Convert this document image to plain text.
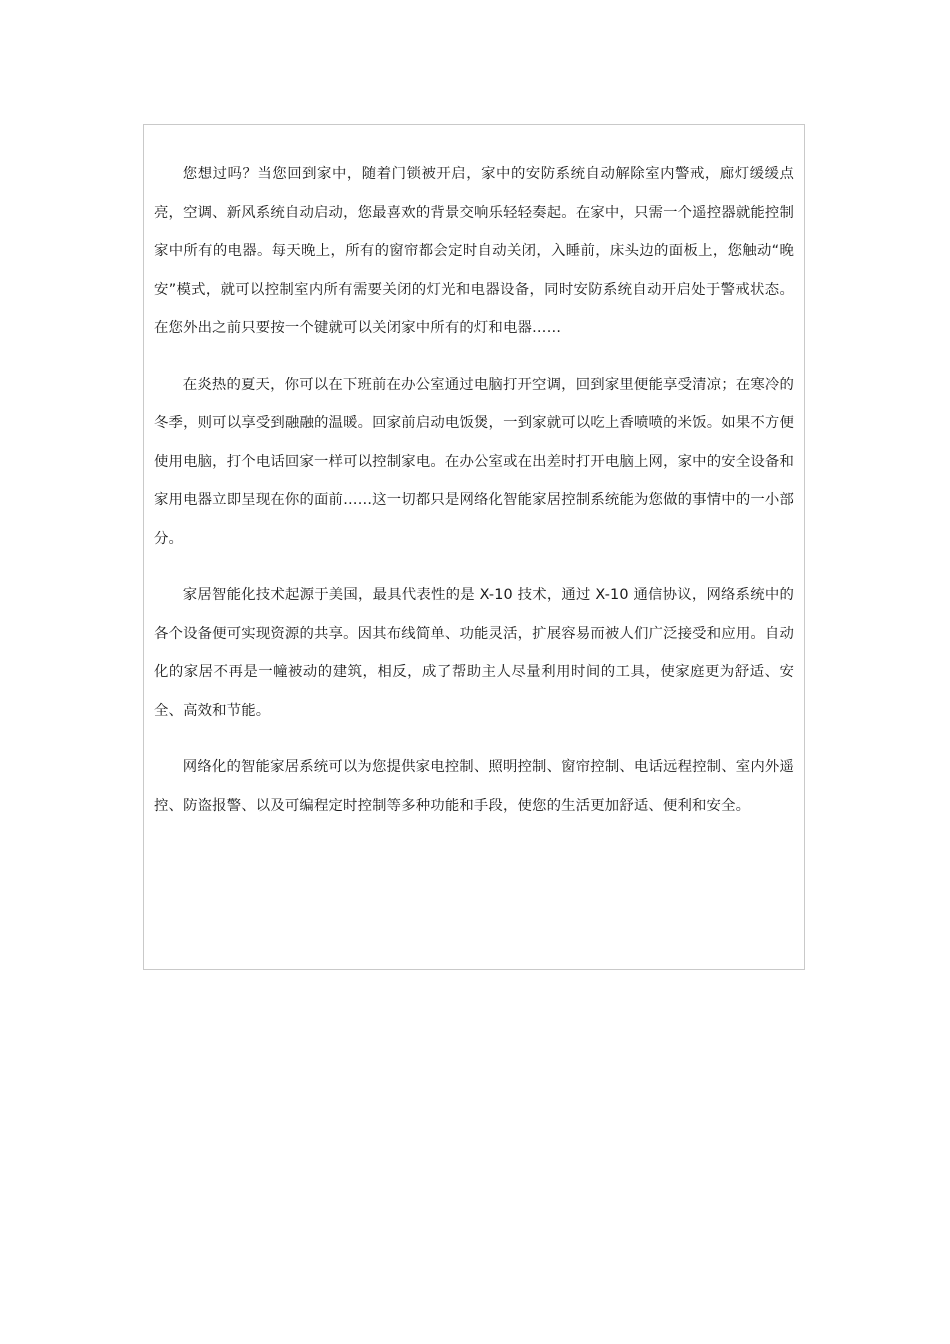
您想过吗？当您回到家中，随着门锁被开启，家中的安防系统自动解除室内警戒，廊灯缓缓点亮，空调、新风系统自动启动，您最喜欢的背景交响乐轻轻奏起。在家中，只需一个遥控器就能控制家中所有的电器。每天晚上，所有的窗帘都会定时自动关闭，入睡前，床头边的面板上，您触动“晚安”模式，就可以控制室内所有需要关闭的灯光和电器设备，同时安防系统自动开启处于警戒状态。在您外出之前只要按一个键就可以关闭家中所有的灯和电器……

在炎热的夏天，你可以在下班前在办公室通过电脑打开空调，回到家里便能享受清凉；在寒冷的冬季，则可以享受到融融的温暖。回家前启动电饭煲，一到家就可以吃上香喷喷的米饭。如果不方便使用电脑，打个电话回家一样可以控制家电。在办公室或在出差时打开电脑上网，家中的安全设备和家用电器立即呈现在你的面前……这一切都只是网络化智能家居控制系统能为您做的事情中的一小部分。

家居智能化技术起源于美国，最具代表性的是 X-10 技术，通过 X-10 通信协议，网络系统中的各个设备便可实现资源的共享。因其布线简单、功能灵活，扩展容易而被人们广泛接受和应用。自动化的家居不再是一幢被动的建筑，相反，成了帮助主人尽量利用时间的工具，使家庭更为舒适、安全、高效和节能。

网络化的智能家居系统可以为您提供家电控制、照明控制、窗帘控制、电话远程控制、室内外遥控、防盗报警、以及可编程定时控制等多种功能和手段，使您的生活更加舒适、便利和安全。
